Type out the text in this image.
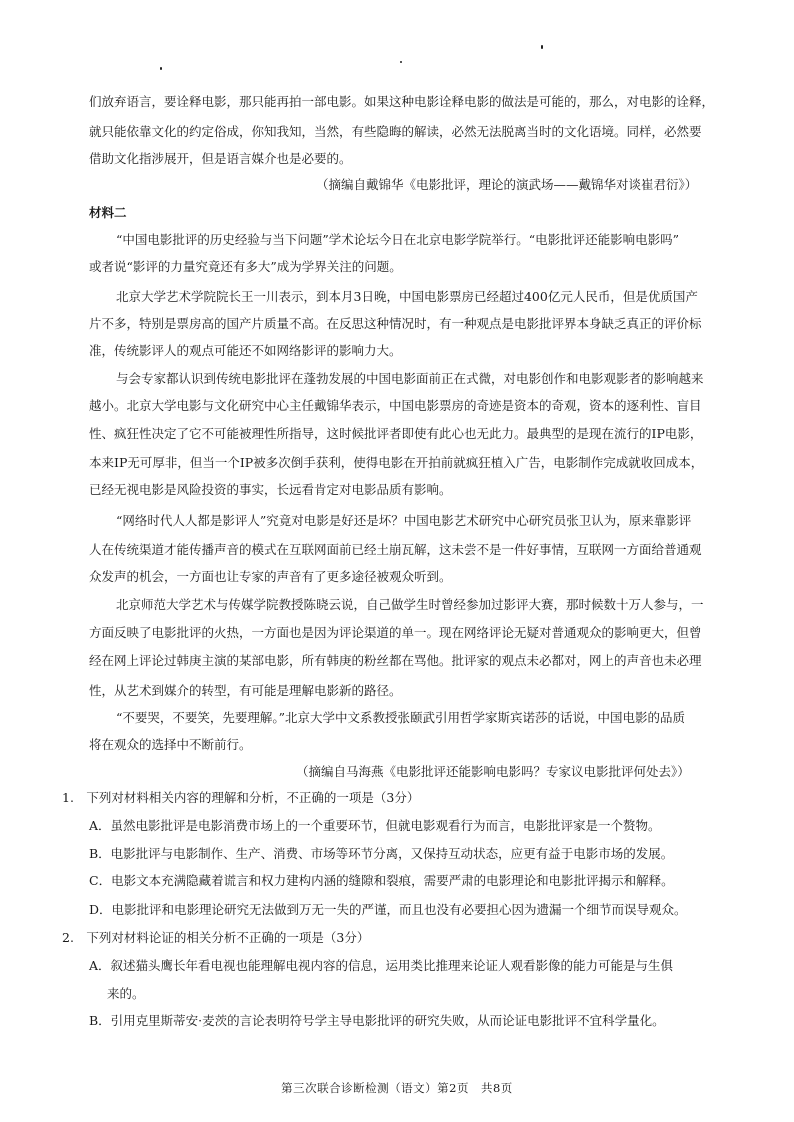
们放弃语言，要诠释电影，那只能再拍一部电影。如果这种电影诠释电影的做法是可能的，那么，对电影的诠释，
就只能依靠文化的约定俗成，你知我知，当然，有些隐晦的解读，必然无法脱离当时的文化语境。同样，必然要
借助文化指涉展开，但是语言媒介也是必要的。
（摘编自戴锦华《电影批评，理论的演武场——戴锦华对谈崔君衍》）
材料二
“中国电影批评的历史经验与当下问题”学术论坛今日在北京电影学院举行。“电影批评还能影响电影吗”
或者说“影评的力量究竟还有多大”成为学界关注的问题。
北京大学艺术学院院长王一川表示，到本月3日晚，中国电影票房已经超过400亿元人民币，但是优质国产
片不多，特别是票房高的国产片质量不高。在反思这种情况时，有一种观点是电影批评界本身缺乏真正的评价标
准，传统影评人的观点可能还不如网络影评的影响力大。
与会专家都认识到传统电影批评在蓬勃发展的中国电影面前正在式微，对电影创作和电影观影者的影响越来
越小。北京大学电影与文化研究中心主任戴锦华表示，中国电影票房的奇迹是资本的奇观，资本的逐利性、盲目
性、疯狂性决定了它不可能被理性所指导，这时候批评者即使有此心也无此力。最典型的是现在流行的IP电影，
本来IP无可厚非，但当一个IP被多次倒手获利，使得电影在开拍前就疯狂植入广告，电影制作完成就收回成本，
已经无视电影是风险投资的事实，长远看肯定对电影品质有影响。
“网络时代人人都是影评人”究竟对电影是好还是坏？中国电影艺术研究中心研究员张卫认为，原来靠影评
人在传统渠道才能传播声音的模式在互联网面前已经土崩瓦解，这未尝不是一件好事情，互联网一方面给普通观
众发声的机会，一方面也让专家的声音有了更多途径被观众听到。
北京师范大学艺术与传媒学院教授陈晓云说，自己做学生时曾经参加过影评大赛，那时候数十万人参与，一
方面反映了电影批评的火热，一方面也是因为评论渠道的单一。现在网络评论无疑对普通观众的影响更大，但曾
经在网上评论过韩庚主演的某部电影，所有韩庚的粉丝都在骂他。批评家的观点未必都对，网上的声音也未必理
性，从艺术到媒介的转型，有可能是理解电影新的路径。
“不要哭，不要笑，先要理解。”北京大学中文系教授张颐武引用哲学家斯宾诺莎的话说，中国电影的品质
将在观众的选择中不断前行。
（摘编自马海燕《电影批评还能影响电影吗？专家议电影批评何处去》）
1.　下列对材料相关内容的理解和分析，不正确的一项是（3分）
A．虽然电影批评是电影消费市场上的一个重要环节，但就电影观看行为而言，电影批评家是一个赘物。
B．电影批评与电影制作、生产、消费、市场等环节分离，又保持互动状态，应更有益于电影市场的发展。
C．电影文本充满隐藏着谎言和权力建构内涵的缝隙和裂痕，需要严肃的电影理论和电影批评揭示和解释。
D．电影批评和电影理论研究无法做到万无一失的严谨，而且也没有必要担心因为遗漏一个细节而误导观众。
2.　下列对材料论证的相关分析不正确的一项是（3分）
A．叙述猫头鹰长年看电视也能理解电视内容的信息，运用类比推理来论证人观看影像的能力可能是与生俱
来的。
B．引用克里斯蒂安·麦茨的言论表明符号学主导电影批评的研究失败，从而论证电影批评不宜科学量化。
第三次联合诊断检测（语文）第2页　共8页
